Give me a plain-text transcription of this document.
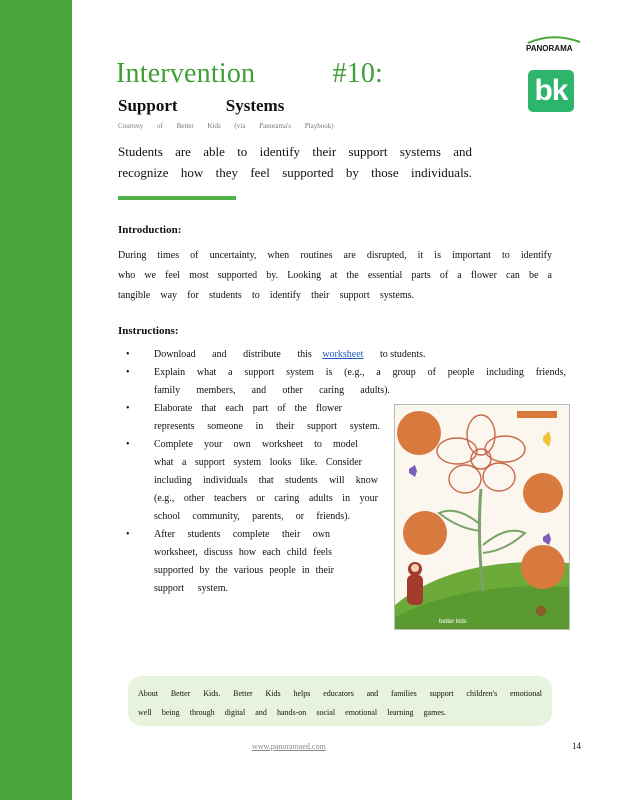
Intervention #10:
Support Systems
Courtesy of Better Kids (via Panorama's Playbook)
Students are able to identify their support systems and
recognize how they feel supported by those individuals.
PANORAMA
bk
Introduction:
During times of uncertainty, when routines are disrupted, it is important to identify
who we feel most supported by. Looking at the essential parts of a flower can be a
tangible way for students to identify their support systems.
Instructions:
• Download and distribute this worksheet to students.
• Explain what a support system is (e.g., a group of people including friends,
family members, and other caring adults).
• Elaborate that each part of the flower
represents someone in their support system.
• Complete your own worksheet to model
what a support system looks like. Consider
including individuals that students will know
(e.g., other teachers or caring adults in your
school community, parents, or friends).
• After students complete their own
worksheet, discuss how each child feels
supported by the various people in their
support system.
better kids
About Better Kids. Better Kids helps educators and families support children's emotional
well being through digital and hands-on social emotional learning games.
www.panoramaed.com	14
